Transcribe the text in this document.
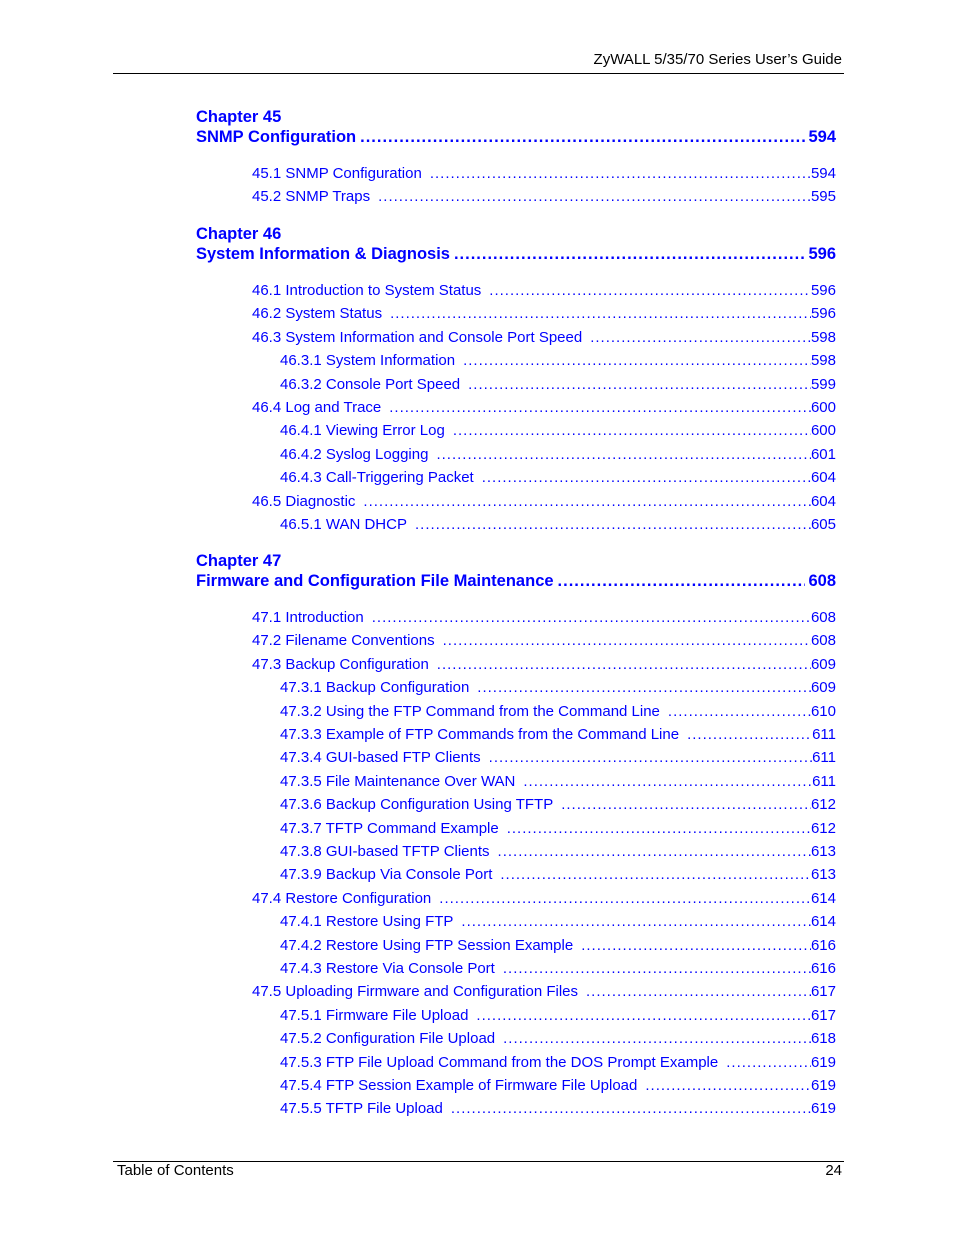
ZyWALL 5/35/70 Series User’s Guide
Chapter 45
SNMP Configuration .....	594
45.1 SNMP Configuration .....	594
45.2 SNMP Traps .....	595
Chapter 46
System Information & Diagnosis .....	596
46.1 Introduction to System Status .....	596
46.2 System Status .....	596
46.3 System Information and Console Port Speed .....	598
46.3.1 System Information .....	598
46.3.2 Console Port Speed .....	599
46.4 Log and Trace .....	600
46.4.1 Viewing Error Log .....	600
46.4.2 Syslog Logging .....	601
46.4.3 Call-Triggering Packet .....	604
46.5 Diagnostic .....	604
46.5.1 WAN DHCP .....	605
Chapter 47
Firmware and Configuration File Maintenance .....	608
47.1 Introduction .....	608
47.2 Filename Conventions .....	608
47.3 Backup Configuration .....	609
47.3.1 Backup Configuration .....	609
47.3.2 Using the FTP Command from the Command Line .....	610
47.3.3 Example of FTP Commands from the Command Line .....	611
47.3.4 GUI-based FTP Clients .....	611
47.3.5 File Maintenance Over WAN .....	611
47.3.6 Backup Configuration Using TFTP .....	612
47.3.7 TFTP Command Example .....	612
47.3.8 GUI-based TFTP Clients .....	613
47.3.9 Backup Via Console Port .....	613
47.4 Restore Configuration .....	614
47.4.1 Restore Using FTP .....	614
47.4.2 Restore Using FTP Session Example .....	616
47.4.3 Restore Via Console Port .....	616
47.5 Uploading Firmware and Configuration Files .....	617
47.5.1 Firmware File Upload .....	617
47.5.2 Configuration File Upload .....	618
47.5.3 FTP File Upload Command from the DOS Prompt Example .....	619
47.5.4 FTP Session Example of Firmware File Upload .....	619
47.5.5 TFTP File Upload .....	619
Table of Contents	24
